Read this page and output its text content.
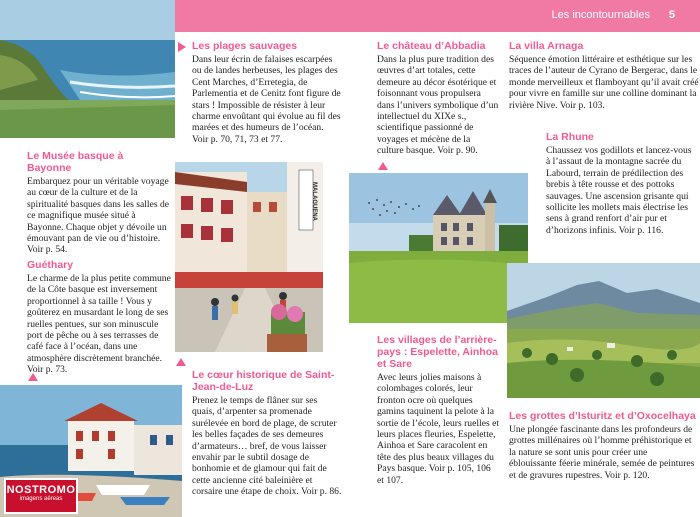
Les incontournables 5

Les plages sauvages

Dans leur écrin de falaises escarpées ou de landes herbeuses, les plages des Cent Marches, d’Erretegia, de Parlementia et de Cenitz font figure de stars ! Impossible de résister à leur charme envoûtant qui évolue au fil des marées et des humeurs de l’océan. Voir p. 70, 71, 73 et 77.

Le château d’Abbadia

Dans la plus pure tradition des œuvres d’art totales, cette demeure au décor ésotérique et foisonnant vous propulsera dans l’univers symbolique d’un intellectuel du XIXe s., scientifique passionné de voyages et mécène de la culture basque. Voir p. 90.

La villa Arnaga

Séquence émotion littéraire et esthétique sur les traces de l’auteur de Cyrano de Bergerac, dans le monde merveilleux et flamboyant qu’il avait créé pour vivre en famille sur une colline dominant la rivière Nive. Voir p. 103.

Le Musée basque à Bayonne

Embarquez pour un véritable voyage au cœur de la culture et de la spiritualité basques dans les salles de ce magnifique musée situé à Bayonne. Chaque objet y dévoile un émouvant pan de vie ou d’histoire. Voir p. 54.

Guéthary

Le charme de la plus petite commune de la Côte basque est inversement proportionnel à sa taille ! Vous y goûterez en musardant le long de ses ruelles pentues, sur son minuscule port de pêche ou à ses terrasses de café face à l’océan, dans une atmosphère discrètement branchée. Voir p. 73.

MALAGUENA

La Rhune

Chaussez vos godillots et lancez-vous à l’assaut de la montagne sacrée du Labourd, terrain de prédilection des brebis à tête rousse et des pottoks sauvages. Une ascension grisante qui sollicite les mollets mais électrise les sens à grand renfort d’air pur et d’horizons infinis. Voir p. 116.

NOSTROMO
imagens aéreas

Le cœur historique de Saint-Jean-de-Luz

Prenez le temps de flâner sur ses quais, d’arpenter sa promenade surélevée en bord de plage, de scruter les belles façades de ses demeures d’armateurs… bref, de vous laisser envahir par le subtil dosage de bonhomie et de glamour qui fait de cette ancienne cité baleinière et corsaire une étape de choix. Voir p. 86.

Les villages de l’arrière-pays : Espelette, Ainhoa et Sare

Avec leurs jolies maisons à colombages colorés, leur fronton ocre où quelques gamins taquinent la pelote à la sortie de l’école, leurs ruelles et leurs places fleuries, Espelette, Ainhoa et Sare caracolent en tête des plus beaux villages du Pays basque. Voir p. 105, 106 et 107.

Les grottes d’Isturitz et d’Oxocelhaya

Une plongée fascinante dans les profondeurs de grottes millénaires où l’homme préhistorique et la nature se sont unis pour créer une éblouissante féerie minérale, semée de peintures et de gravures rupestres. Voir p. 120.
